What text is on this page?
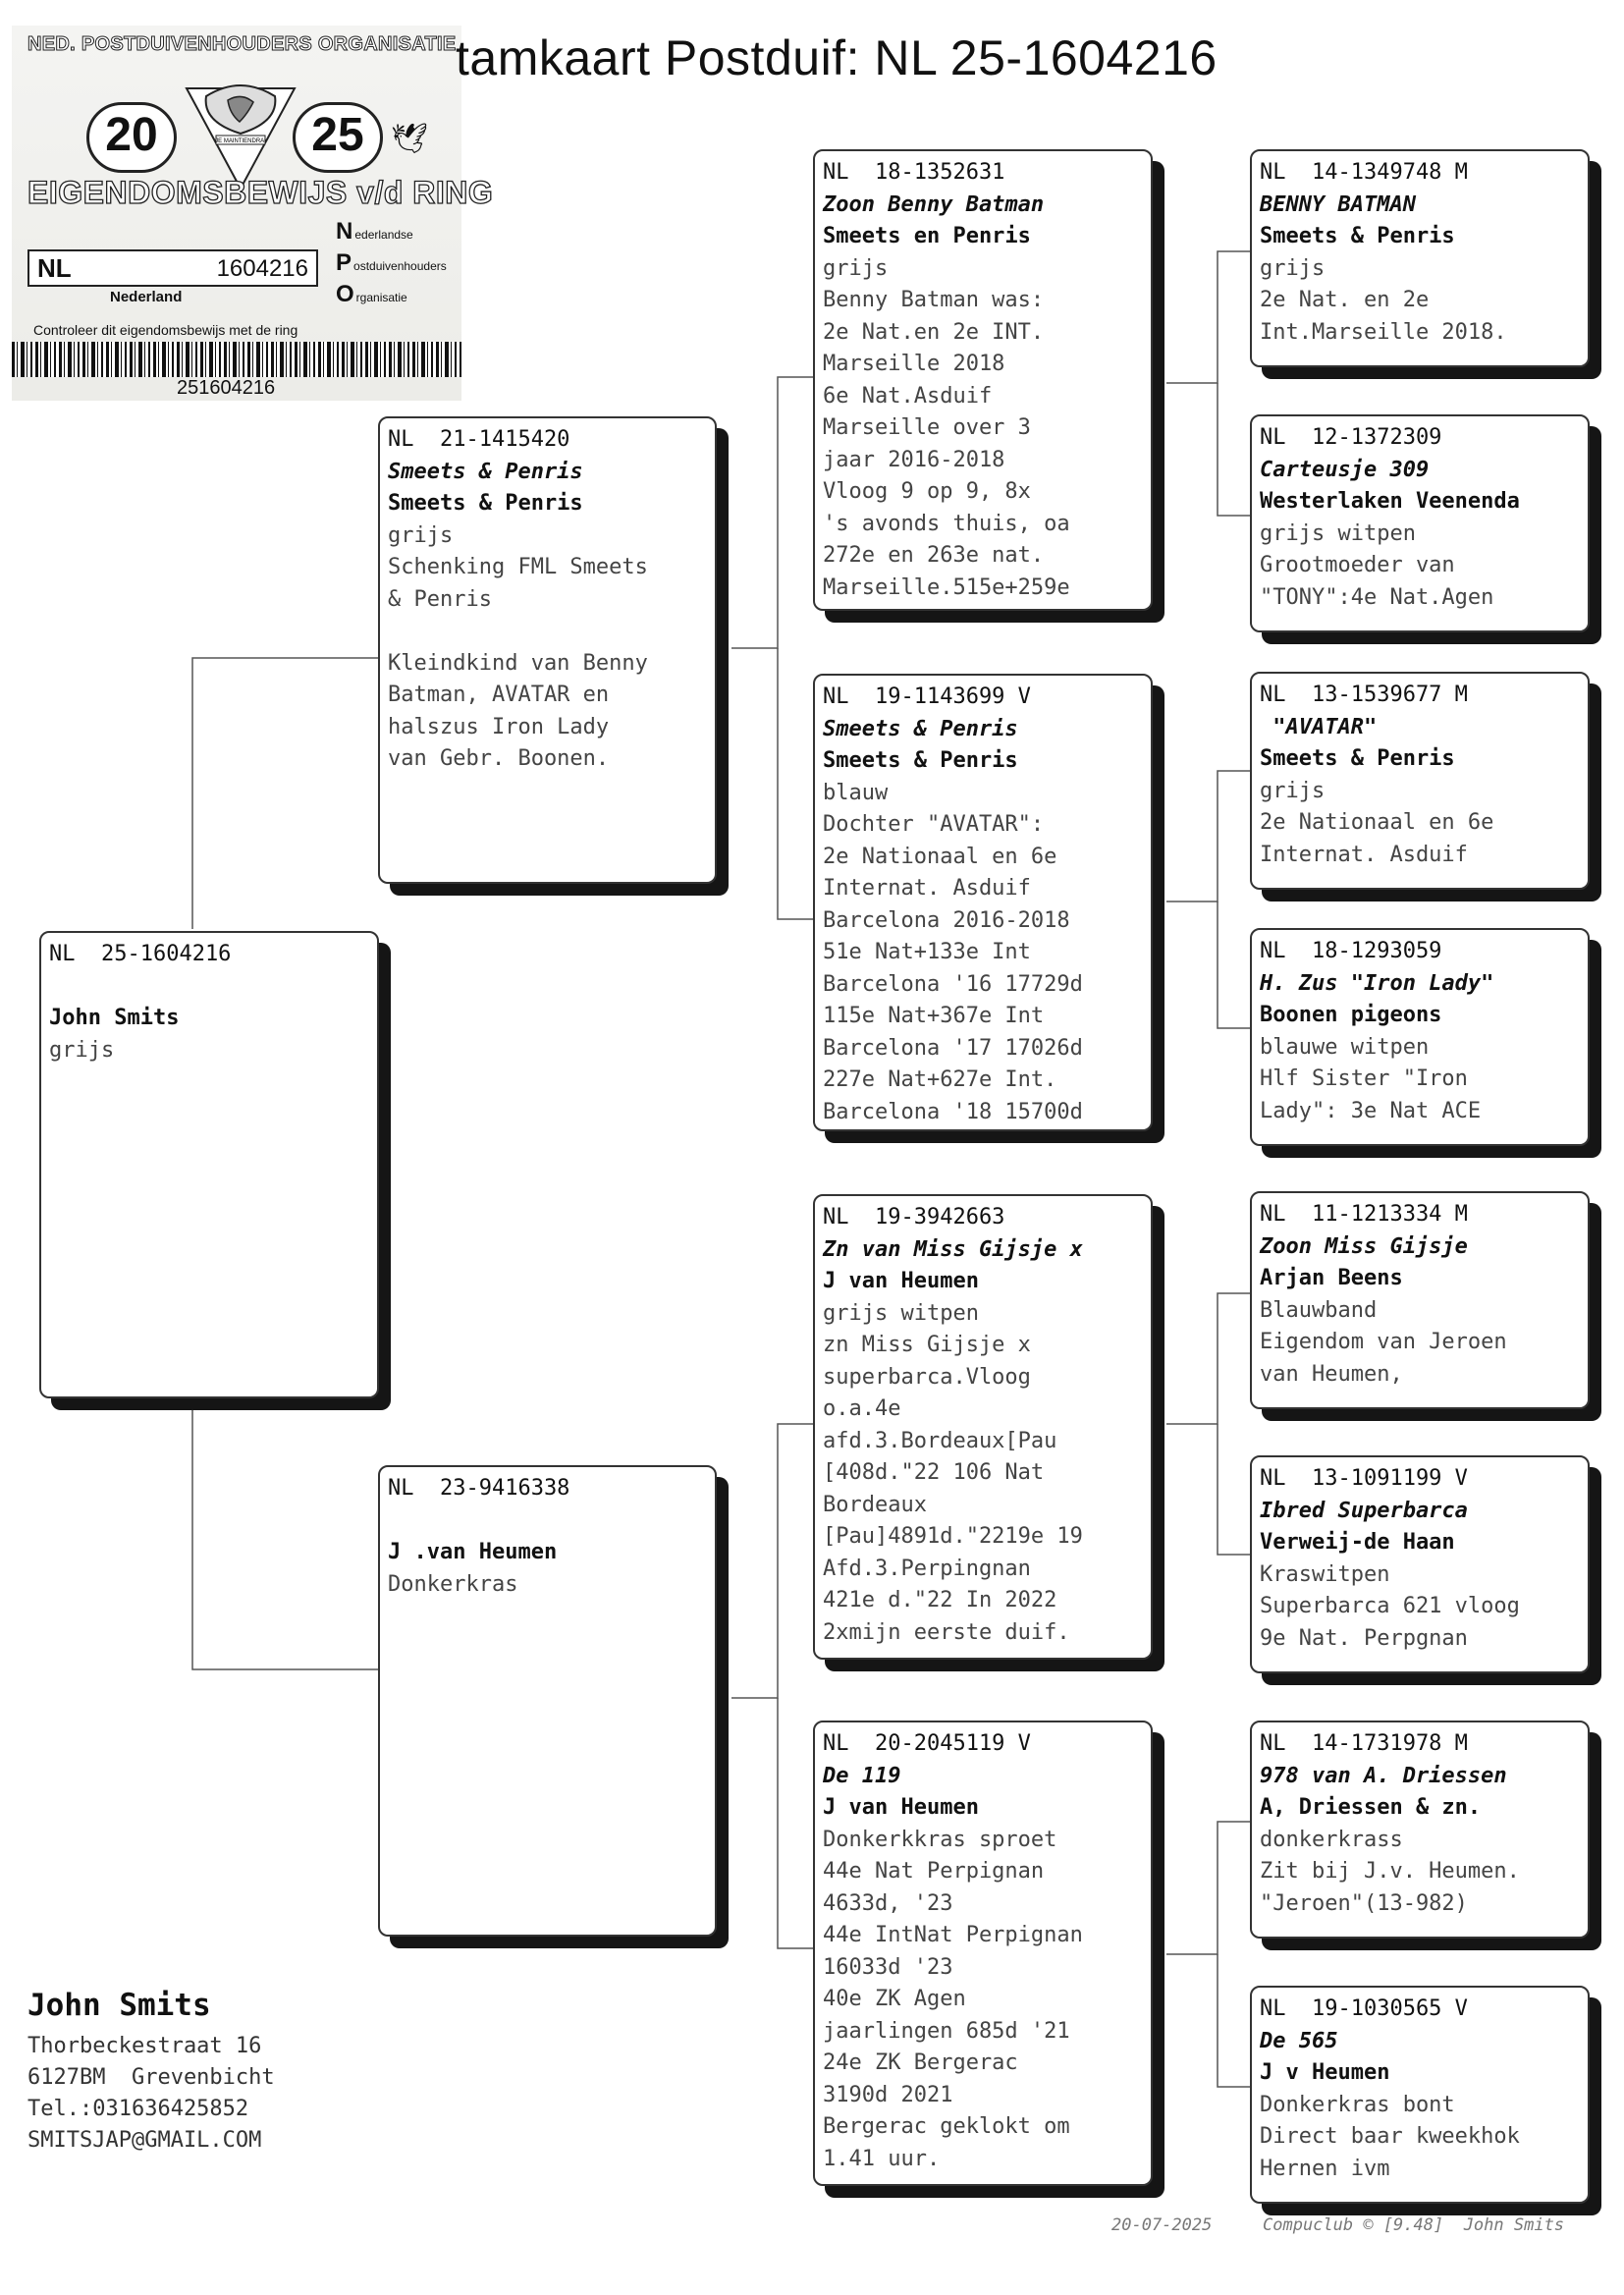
NED. POSTDUIVENHOUDERS ORGANISATIE
20	JE MAINTIENDRAI 25 🕊
EIGENDOMSBEWIJS v/d RING
NL	1604216
Nederland
Nederlandse
Postduivenhouders
Organisatie
Controleer dit eigendomsbewijs met de ring
251604216
tamkaart Postduif: NL 25-1604216
NL  25-1604216
John Smits
grijs
NL  21-1415420
Smeets & Penris
Smeets & Penris
grijs
Schenking FML Smeets
& Penris
Kleindkind van Benny
Batman, AVATAR en
halszus Iron Lady
van Gebr. Boonen.
NL  23-9416338
J .van Heumen
Donkerkras
NL  18-1352631
Zoon Benny Batman
Smeets en Penris
grijs
Benny Batman was:
2e Nat.en 2e INT.
Marseille 2018
6e Nat.Asduif
Marseille over 3
jaar 2016-2018
Vloog 9 op 9, 8x
's avonds thuis, oa
272e en 263e nat.
Marseille.515e+259e
NL  19-1143699 V
Smeets & Penris
Smeets & Penris
blauw
Dochter "AVATAR":
2e Nationaal en 6e
Internat. Asduif
Barcelona 2016-2018
51e Nat+133e Int
Barcelona '16 17729d
115e Nat+367e Int
Barcelona '17 17026d
227e Nat+627e Int.
Barcelona '18 15700d
NL  19-3942663
Zn van Miss Gijsje x
J van Heumen
grijs witpen
zn Miss Gijsje x
superbarca.Vloog
o.a.4e
afd.3.Bordeaux[Pau
[408d."22 106 Nat
Bordeaux
[Pau]4891d."2219e 19
Afd.3.Perpingnan
421e d."22 In 2022
2xmijn eerste duif.
NL  20-2045119 V
De 119
J van Heumen
Donkerkkras sproet
44e Nat Perpignan
4633d, '23
44e IntNat Perpignan
16033d '23
40e ZK Agen
jaarlingen 685d '21
24e ZK Bergerac
3190d 2021
Bergerac geklokt om
1.41 uur.
NL  14-1349748 M
BENNY BATMAN
Smeets & Penris
grijs
2e Nat. en 2e
Int.Marseille 2018.
NL  12-1372309
Carteusje 309
Westerlaken Veenenda
grijs witpen
Grootmoeder van
"TONY":4e Nat.Agen
NL  13-1539677 M
"AVATAR"
Smeets & Penris
grijs
2e Nationaal en 6e
Internat. Asduif
NL  18-1293059
H. Zus "Iron Lady"
Boonen pigeons
blauwe witpen
Hlf Sister "Iron
Lady": 3e Nat ACE
NL  11-1213334 M
Zoon Miss Gijsje
Arjan Beens
Blauwband
Eigendom van Jeroen
van Heumen,
NL  13-1091199 V
Ibred Superbarca
Verweij-de Haan
Kraswitpen
Superbarca 621 vloog
9e Nat. Perpgnan
NL  14-1731978 M
978 van A. Driessen
A, Driessen & zn.
donkerkrass
Zit bij J.v. Heumen.
"Jeroen"(13-982)
NL  19-1030565 V
De 565
J v Heumen
Donkerkras bont
Direct baar kweekhok
Hernen ivm
John Smits
Thorbeckestraat 16
6127BM  Grevenbicht
Tel.:031636425852
SMITSJAP@GMAIL.COM
20-07-2025	Compuclub © [9.48]  John Smits
